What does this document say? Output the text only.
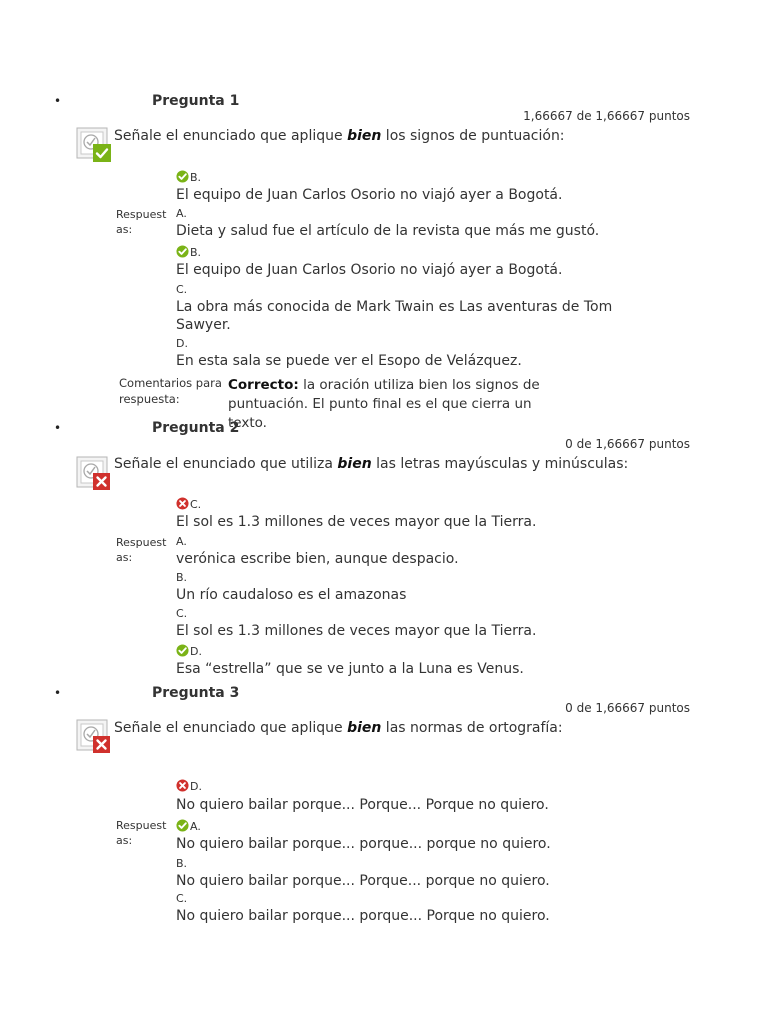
•	Pregunta 1
1,66667 de 1,66667 puntos
Señale el enunciado que aplique bien los signos de puntuación:
B.
El equipo de Juan Carlos Osorio no viajó ayer a Bogotá.
Respuest as:
A.
Dieta y salud fue el artículo de la revista que más me gustó.
B.
El equipo de Juan Carlos Osorio no viajó ayer a Bogotá.
C.
La obra más conocida de Mark Twain es Las aventuras de Tom Sawyer.
D.
En esta sala se puede ver el Esopo de Velázquez.
Comentarios para respuesta:
Correcto: la oración utiliza bien los signos de puntuación. El punto final es el que cierra un texto.
•	Pregunta 2
0 de 1,66667 puntos
Señale el enunciado que utiliza bien las letras mayúsculas y minúsculas:
C.
El sol es 1.3 millones de veces mayor que la Tierra.
Respuest as:
A.
verónica escribe bien, aunque despacio.
B.
Un río caudaloso es el amazonas
C.
El sol es 1.3 millones de veces mayor que la Tierra.
D.
Esa “estrella” que se ve junto a la Luna es Venus.
•	Pregunta 3
0 de 1,66667 puntos
Señale el enunciado que aplique bien las normas de ortografía:
D.
No quiero bailar porque... Porque... Porque no quiero.
Respuest as:
A.
No quiero bailar porque... porque... porque no quiero.
B.
No quiero bailar porque... Porque... porque no quiero.
C.
No quiero bailar porque... porque... Porque no quiero.
